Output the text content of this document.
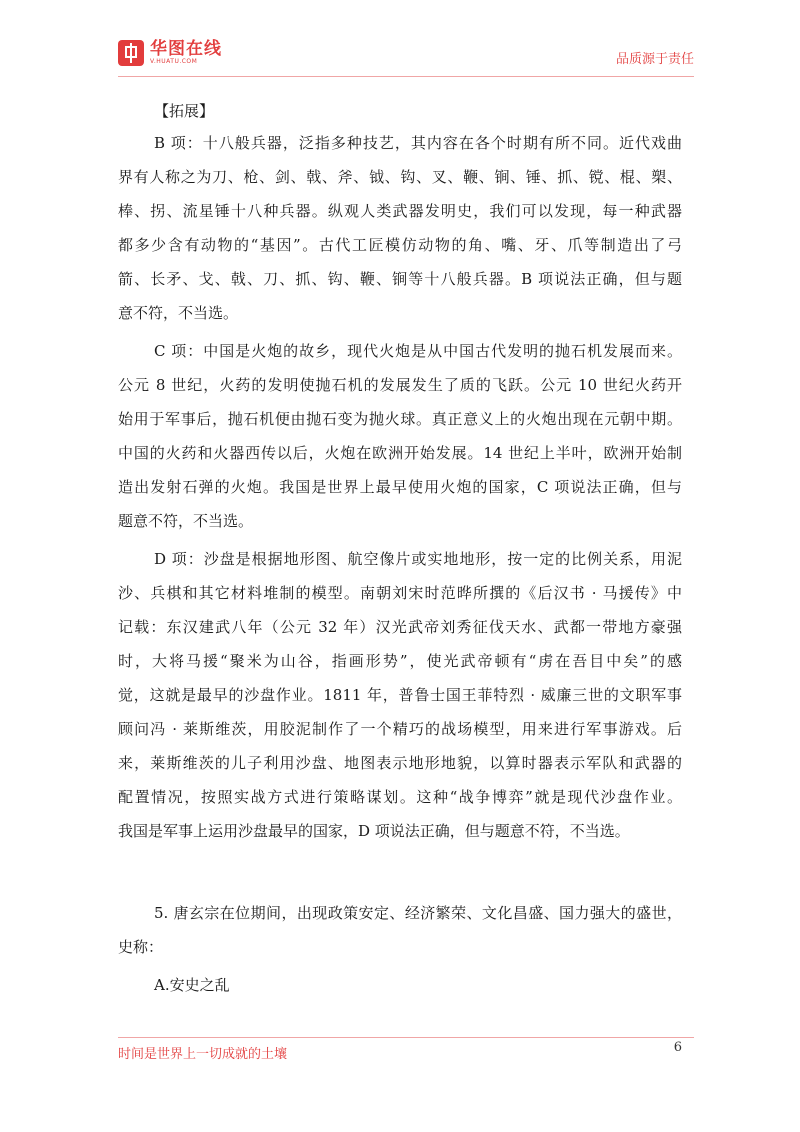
华图在线
V.HUATU.COM	品质源于责任
【拓展】
B 项：十八般兵器，泛指多种技艺，其内容在各个时期有所不同。近代戏曲
界有人称之为刀、枪、剑、戟、斧、钺、钩、叉、鞭、锏、锤、抓、镋、棍、槊、
棒、拐、流星锤十八种兵器。纵观人类武器发明史，我们可以发现，每一种武器
都多少含有动物的“基因”。古代工匠模仿动物的角、嘴、牙、爪等制造出了弓
箭、长矛、戈、戟、刀、抓、钩、鞭、锏等十八般兵器。B 项说法正确，但与题
意不符，不当选。
C 项：中国是火炮的故乡，现代火炮是从中国古代发明的抛石机发展而来。
公元 8 世纪，火药的发明使抛石机的发展发生了质的飞跃。公元 10 世纪火药开
始用于军事后，抛石机便由抛石变为抛火球。真正意义上的火炮出现在元朝中期。
中国的火药和火器西传以后，火炮在欧洲开始发展。14 世纪上半叶，欧洲开始制
造出发射石弹的火炮。我国是世界上最早使用火炮的国家，C 项说法正确，但与
题意不符，不当选。
D 项：沙盘是根据地形图、航空像片或实地地形，按一定的比例关系，用泥
沙、兵棋和其它材料堆制的模型。南朝刘宋时范晔所撰的《后汉书 · 马援传》中
记载：东汉建武八年（公元 32 年）汉光武帝刘秀征伐天水、武都一带地方豪强
时，大将马援“聚米为山谷，指画形势”，使光武帝顿有“虏在吾目中矣”的感
觉，这就是最早的沙盘作业。1811 年，普鲁士国王菲特烈 · 威廉三世的文职军事
顾问冯 · 莱斯维茨，用胶泥制作了一个精巧的战场模型，用来进行军事游戏。后
来，莱斯维茨的儿子利用沙盘、地图表示地形地貌，以算时器表示军队和武器的
配置情况，按照实战方式进行策略谋划。这种“战争博弈”就是现代沙盘作业。
我国是军事上运用沙盘最早的国家，D 项说法正确，但与题意不符，不当选。
5. 唐玄宗在位期间，出现政策安定、经济繁荣、文化昌盛、国力强大的盛世，
史称：
A.安史之乱
时间是世界上一切成就的土壤	6
